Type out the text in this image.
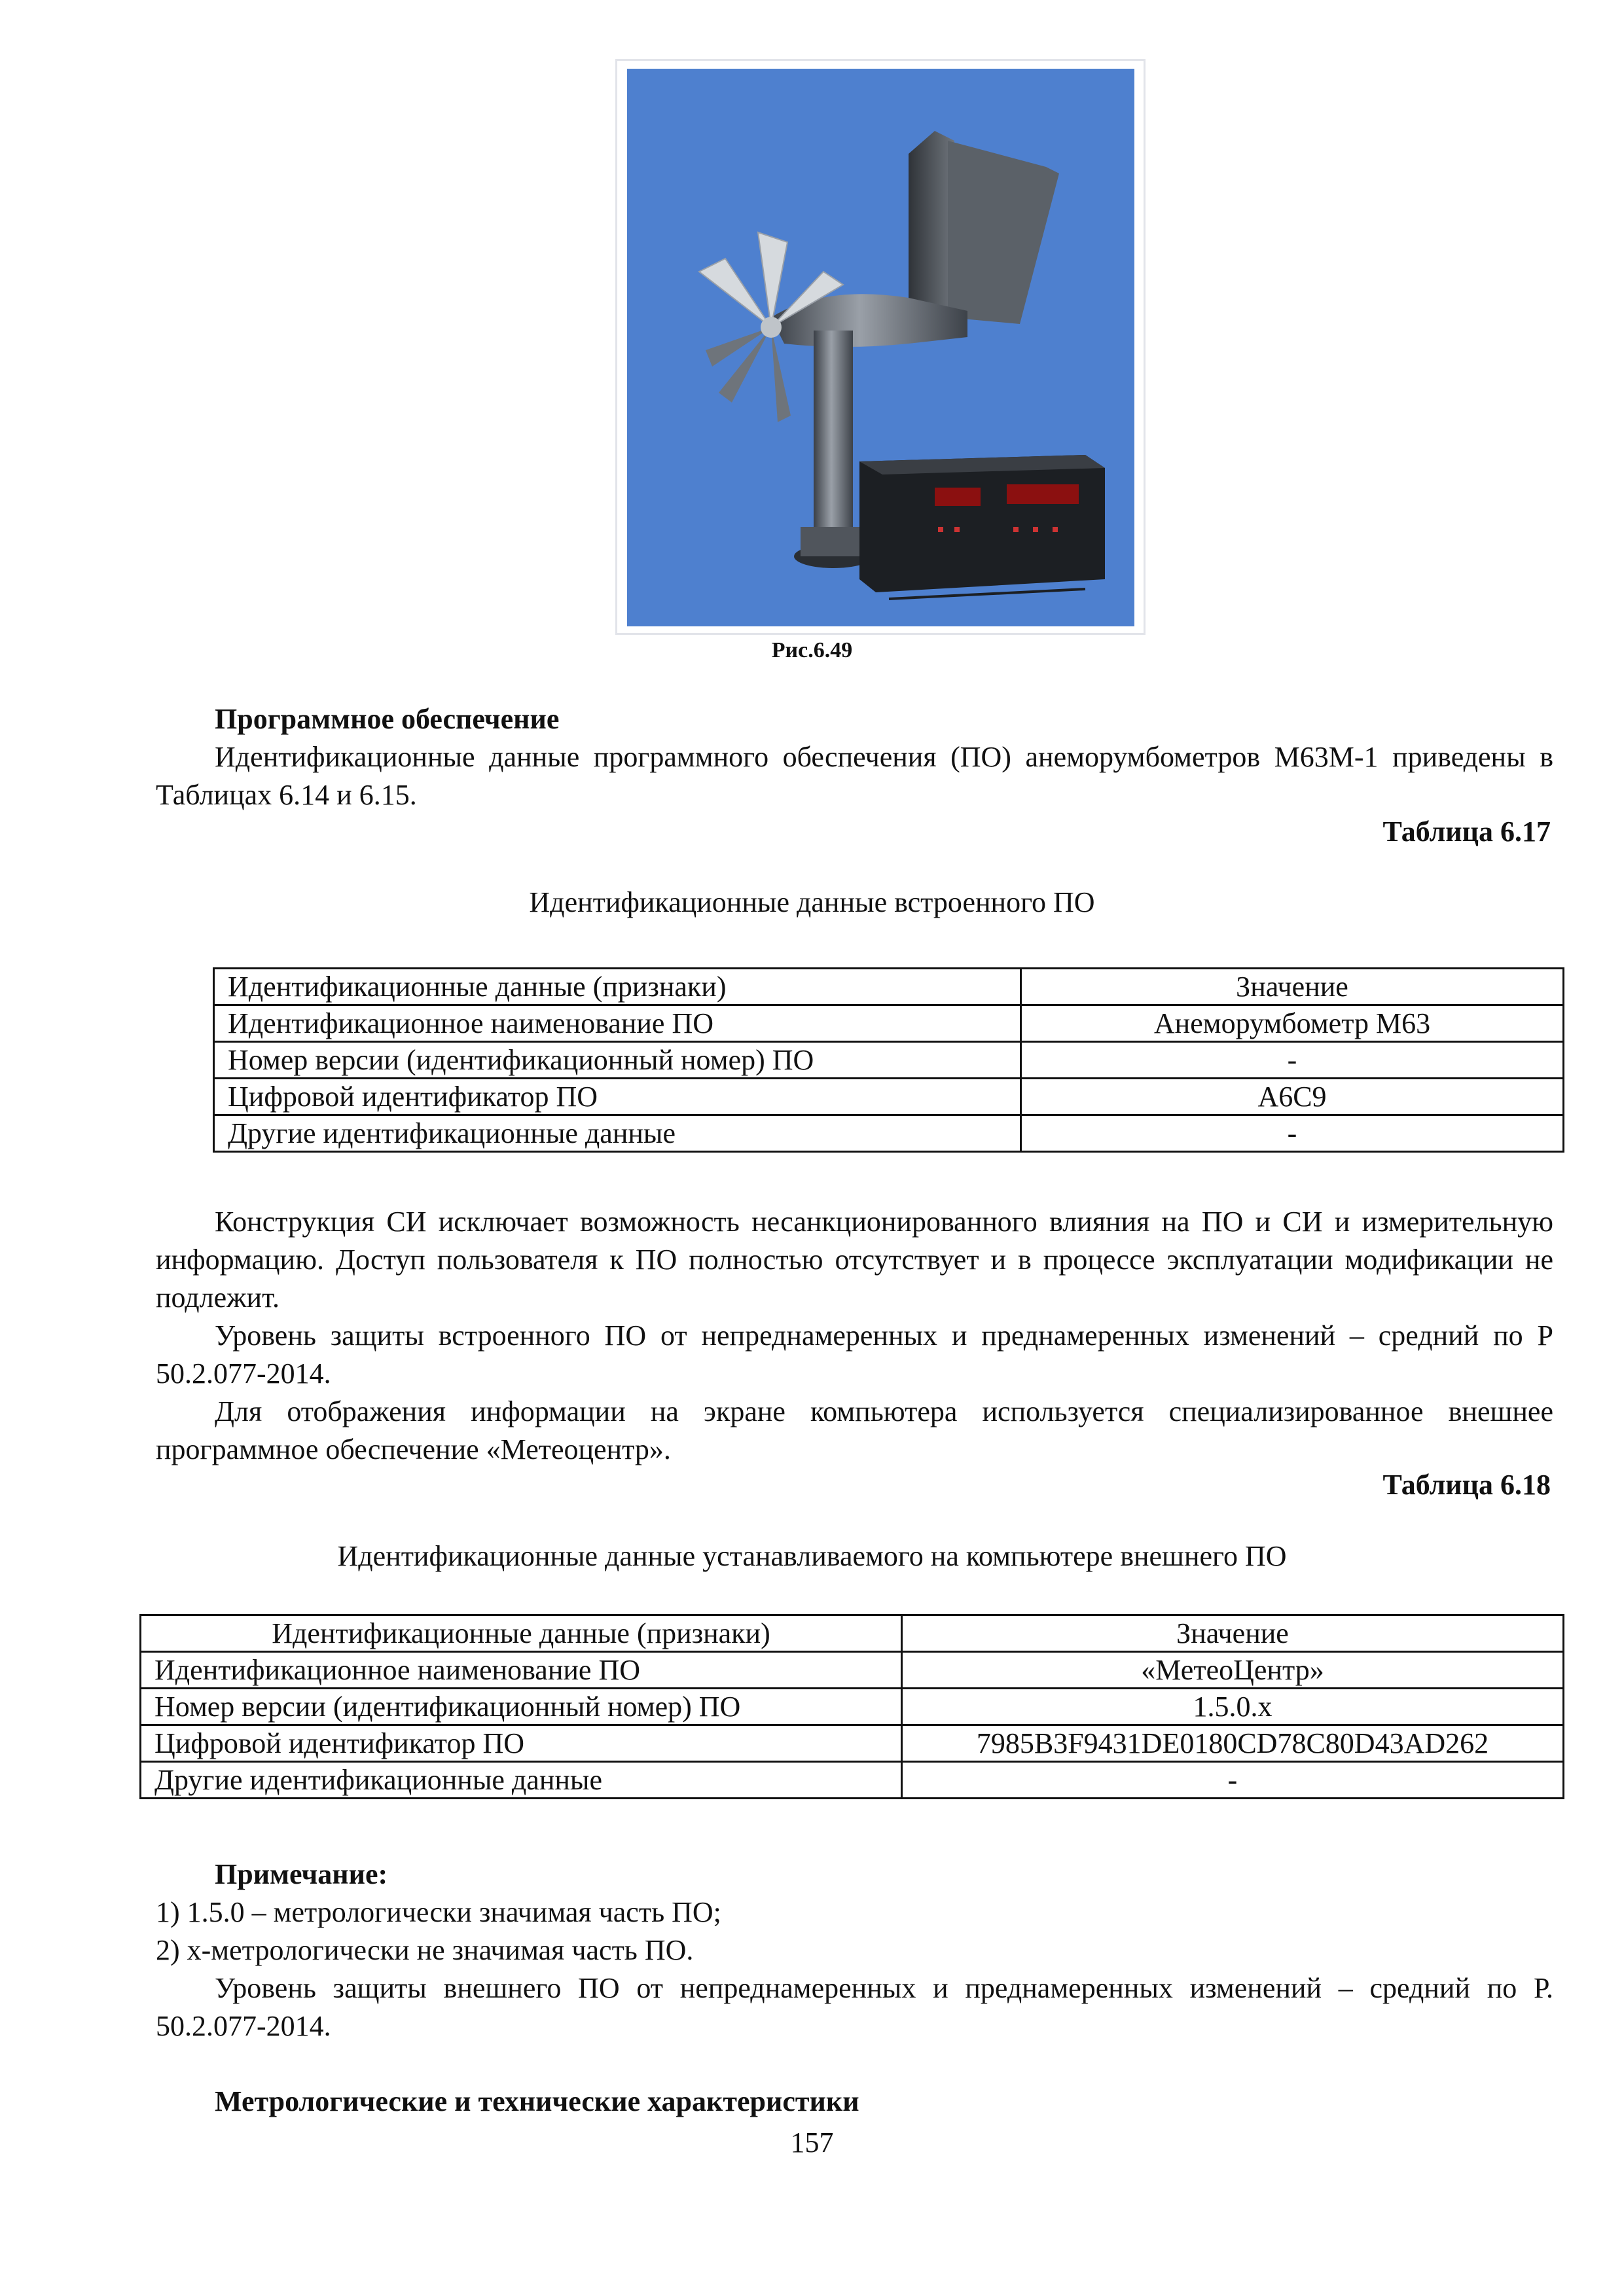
Рис.6.49
Программное обеспечение
Идентификационные данные программного обеспечения (ПО) анеморумбометров М63М-1 приведены в Таблицах 6.14 и 6.15.
Таблица 6.17
Идентификационные данные встроенного ПО
Идентификационные данные (признаки)	Значение
Идентификационное наименование ПО	Анеморумбометр М63
Номер версии (идентификационный номер) ПО	-
Цифровой идентификатор ПО	A6C9
Другие идентификационные данные	-
Конструкция СИ исключает возможность несанкционированного влияния на ПО и СИ и измерительную информацию. Доступ пользователя к ПО полностью отсутствует и в процессе эксплуатации модификации не подлежит.
Уровень защиты встроенного ПО от непреднамеренных и преднамеренных изменений – средний по Р 50.2.077-2014.
Для отображения информации на экране компьютера используется специализированное внешнее программное обеспечение «Метеоцентр».
Таблица 6.18
Идентификационные данные устанавливаемого на компьютере внешнего ПО
Идентификационные данные (признаки)	Значение
Идентификационное наименование ПО	«МетеоЦентр»
Номер версии (идентификационный номер) ПО	1.5.0.x
Цифровой идентификатор ПО	7985B3F9431DE0180CD78C80D43AD262
Другие идентификационные данные	-
Примечание:
1) 1.5.0 – метрологически значимая часть ПО;
2) x-метрологически не значимая часть ПО.
Уровень защиты внешнего ПО от непреднамеренных и преднамеренных изменений – средний по Р. 50.2.077-2014.
Метрологические и технические характеристики
157
